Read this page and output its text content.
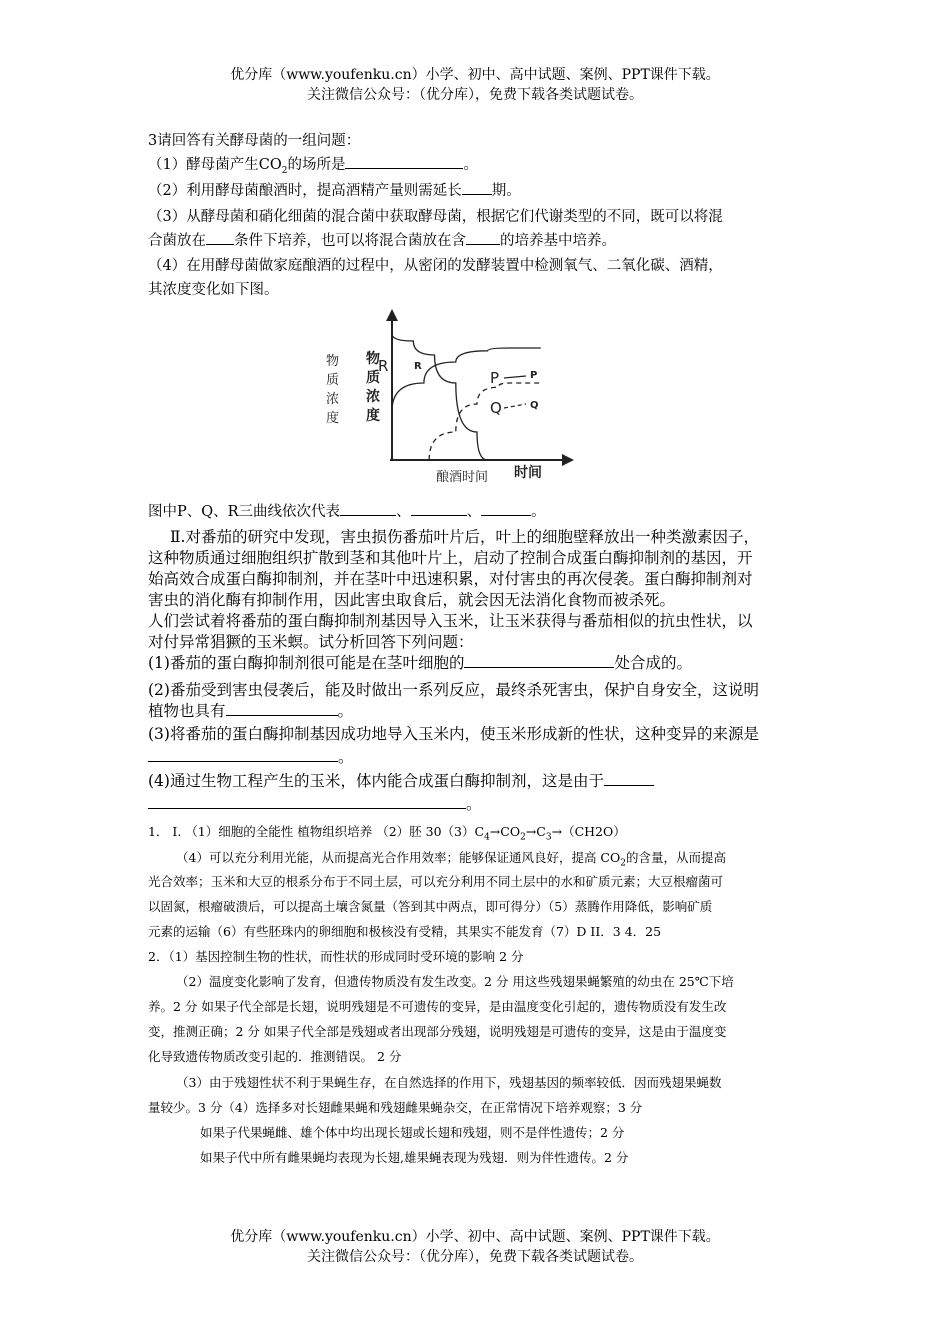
优分库（www.youfenku.cn）小学、初中、高中试题、案例、PPT课件下载。
关注微信公众号：（优分库），免费下载各类试题试卷。
3请回答有关酵母菌的一组问题：
（1）酵母菌产生$CO_2$的场所是	。
（2）利用酵母菌酿酒时，提高酒精产量则需延长 期。
（3）从酵母菌和硝化细菌的混合菌中获取酵母菌，根据它们代谢类型的不同，既可以将混
合菌放在 条件下培养，也可以将混合菌放在含 的培养基中培养。
（4）在用酵母菌做家庭酿酒的过程中，从密闭的发酵装置中检测氧气、二氧化碳、酒精，
其浓度变化如下图。
物
质
浓
度
物
质
浓
度
酿酒时间 时间
R	R
P	P
Q	Q
图中P、Q、R三曲线依次代表	、	、	。
Ⅱ.对番茄的研究中发现，害虫损伤番茄叶片后，叶上的细胞壁释放出一种类激素因子，
这种物质通过细胞组织扩散到茎和其他叶片上，启动了控制合成蛋白酶抑制剂的基因，开
始高效合成蛋白酶抑制剂，并在茎叶中迅速积累，对付害虫的再次侵袭。蛋白酶抑制剂对
害虫的消化酶有抑制作用，因此害虫取食后，就会因无法消化食物而被杀死。
人们尝试着将番茄的蛋白酶抑制剂基因导入玉米，让玉米获得与番茄相似的抗虫性状，以
对付异常猖獗的玉米螟。试分析回答下列问题：
(1)番茄的蛋白酶抑制剂很可能是在茎叶细胞的	处合成的。
(2)番茄受到害虫侵袭后，能及时做出一系列反应，最终杀死害虫，保护自身安全，这说明
植物也具有	。
(3)将番茄的蛋白酶抑制基因成功地导入玉米内，使玉米形成新的性状，这种变异的来源是
。
(4)通过生物工程产生的玉米，体内能合成蛋白酶抑制剂，这是由于
。
1． I. （1）细胞的全能性 植物组织培养 （2）胚 $30(3)C_4\to CO_2\to C_3\to(CH2O)$
（4）可以充分利用光能，从而提高光合作用效率；能够保证通风良好，提高 $CO_2$的含量，从而提高
光合效率；玉米和大豆的根系分布于不同土层，可以充分利用不同土层中的水和矿质元素；大豆根瘤菌可
以固氮，根瘤破溃后，可以提高土壤含氮量（答到其中两点，即可得分）（5）蒸腾作用降低，影响矿质
元素的运输（6）有些胚珠内的卵细胞和极核没有受精，其果实不能发育（7）D II．3 4．25
2．（1）基因控制生物的性状，而性状的形成同时受环境的影响 2 分
（2）温度变化影响了发育，但遗传物质没有发生改变。2 分 用这些残翅果蝇繁殖的幼虫在 25℃下培
养。2 分 如果子代全部是长翅，说明残翅是不可遗传的变异，是由温度变化引起的，遗传物质没有发生改
变，推测正确；2 分 如果子代全部是残翅或者出现部分残翅，说明残翅是可遗传的变异，这是由于温度变
化导致遗传物质改变引起的．推测错误。 2 分
（3）由于残翅性状不利于果蝇生存，在自然选择的作用下，残翅基因的频率较低．因而残翅果蝇数
量较少。3 分（4）选择多对长翅雌果蝇和残翅雌果蝇杂交，在正常情况下培养观察；3 分
如果子代果蝇雌、雄个体中均出现长翅或长翅和残翅，则不是伴性遗传；2 分
如果子代中所有雌果蝇均表现为长翅,雄果蝇表现为残翅．则为伴性遗传。2 分
优分库（www.youfenku.cn）小学、初中、高中试题、案例、PPT课件下载。
关注微信公众号：（优分库），免费下载各类试题试卷。
